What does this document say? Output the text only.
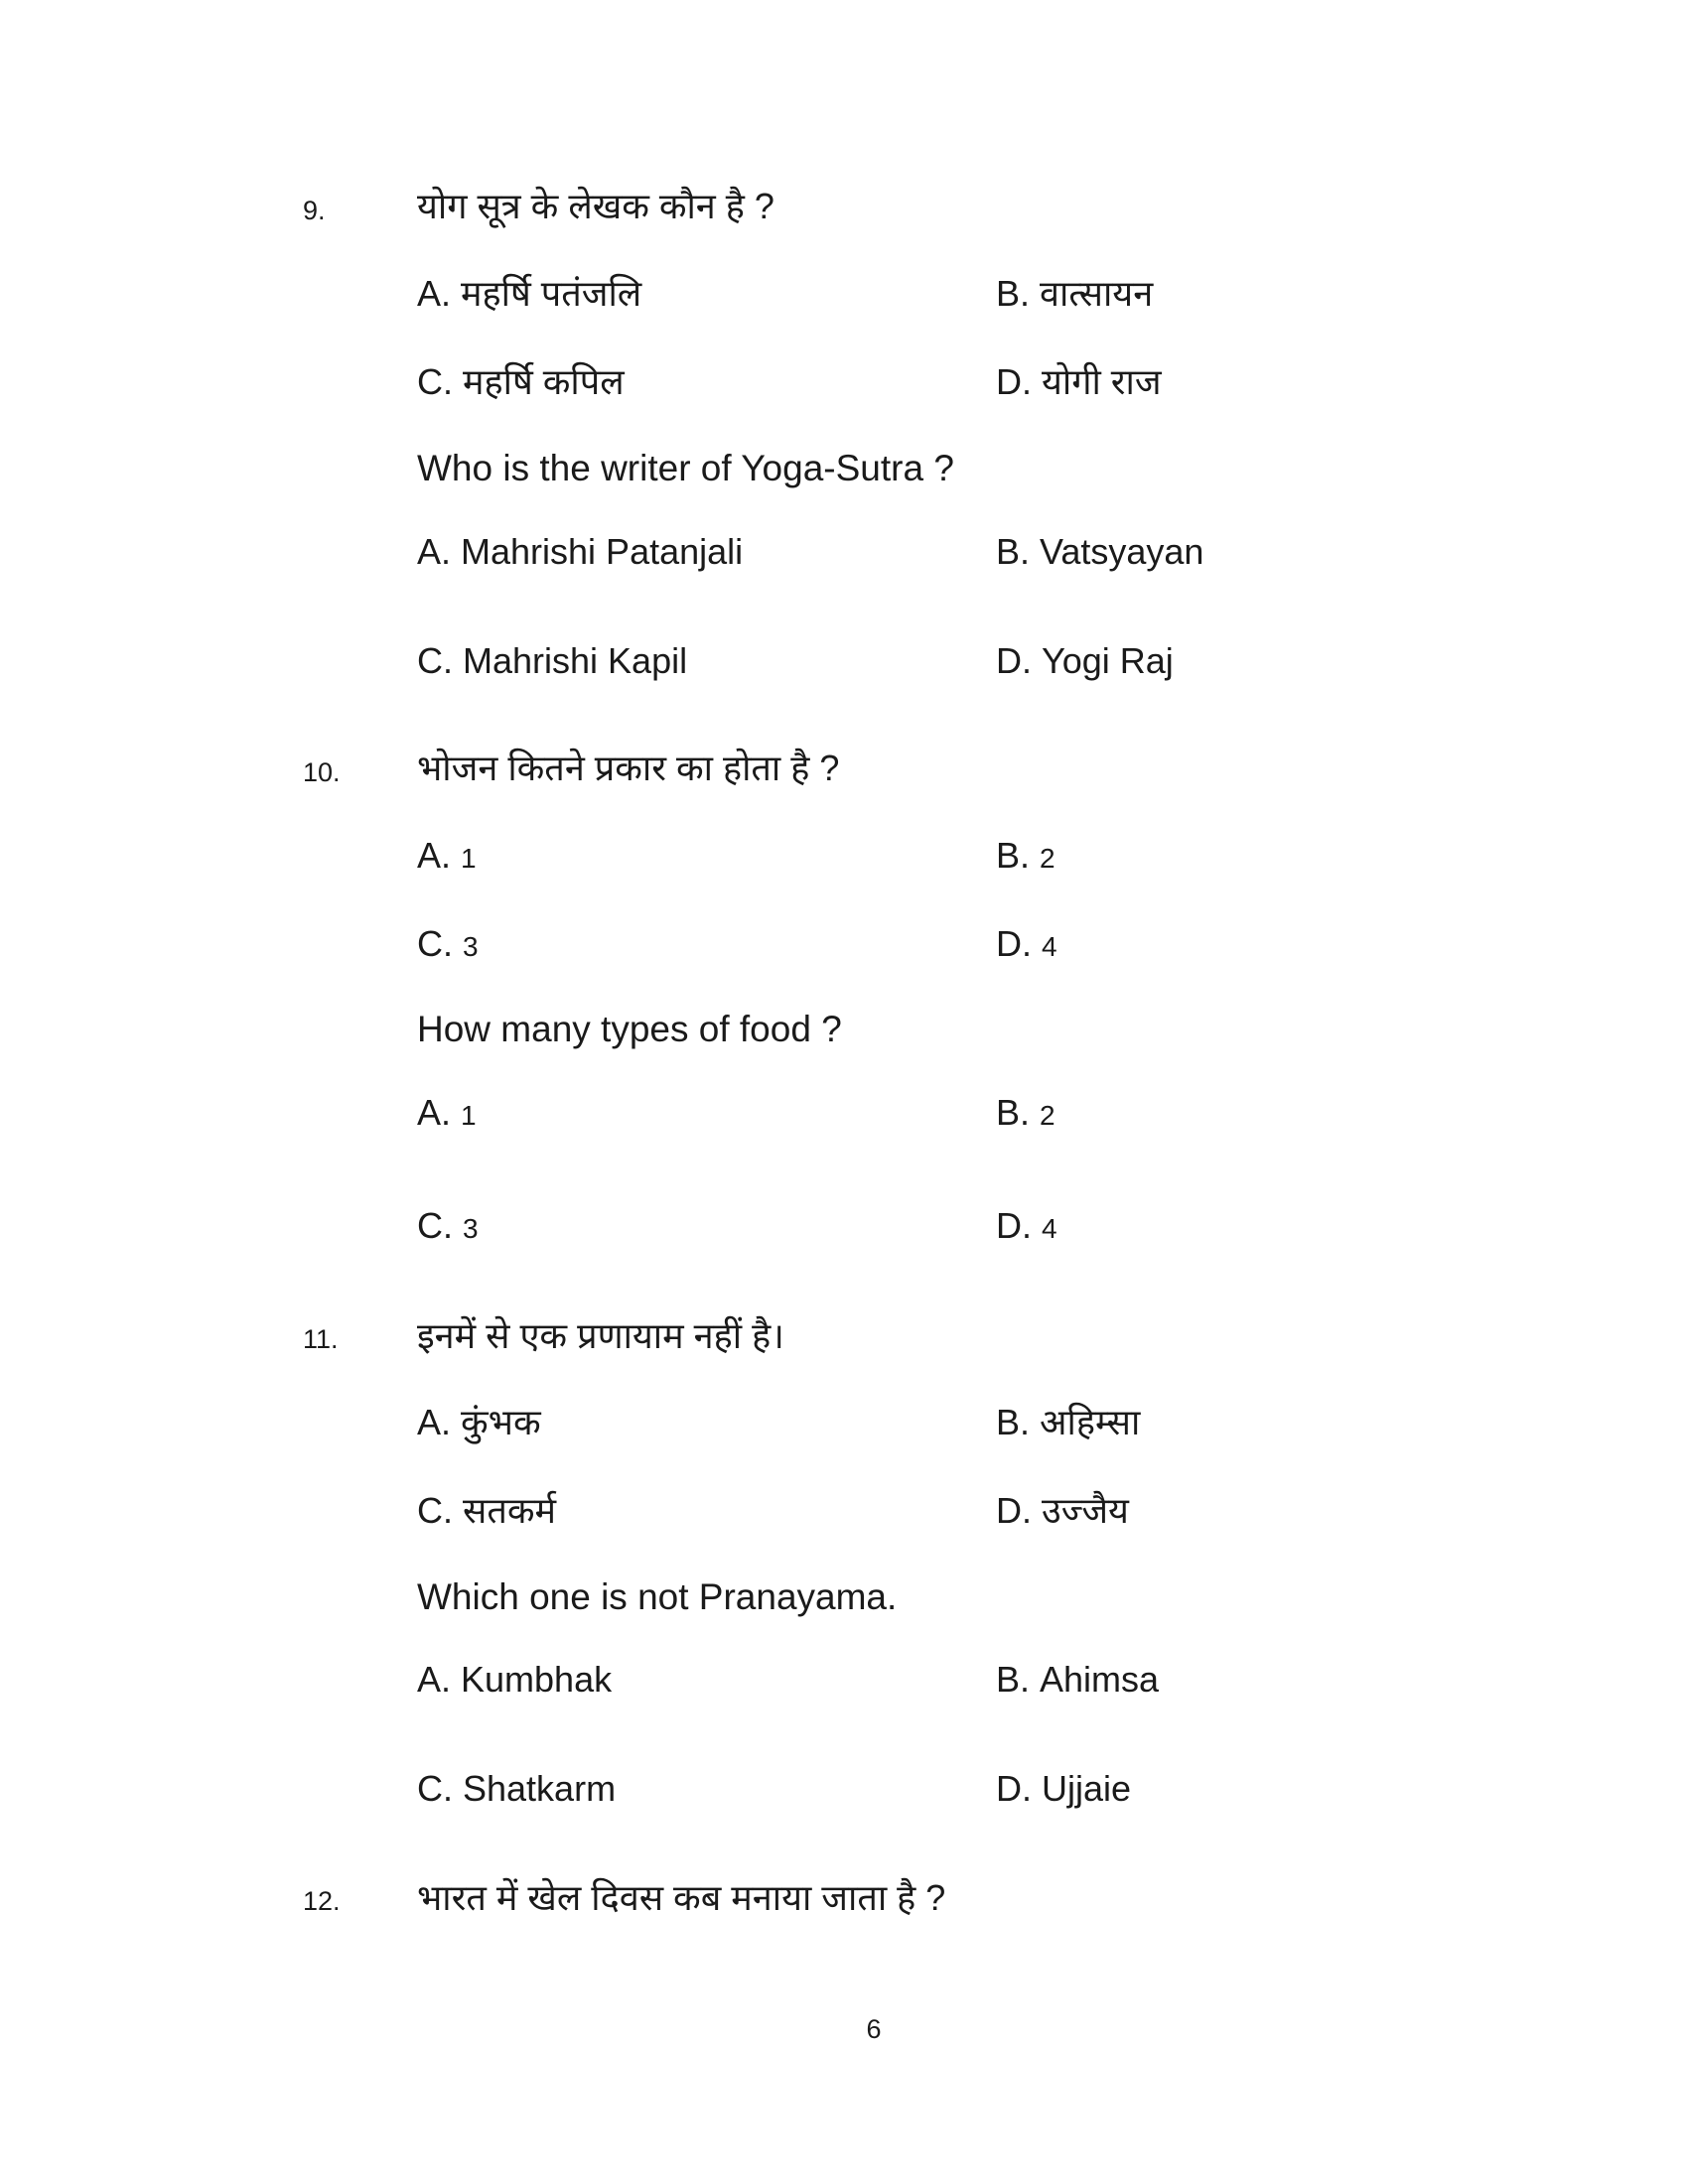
9.	योग सूत्र के लेखक कौन है ?
A. महर्षि पतंजलि	B. वात्सायन
C. महर्षि कपिल	D. योगी राज
Who is the writer of Yoga-Sutra ?
A. Mahrishi Patanjali	B. Vatsyayan
C. Mahrishi Kapil	D. Yogi Raj
10. भोजन कितने प्रकार का होता है ?
A. 1	B. 2
C. 3	D. 4
How many types of food ?
A. 1	B. 2
C. 3	D. 4
11. इनमें से एक प्रणायाम नहीं है।
A. कुंभक	B. अहिम्सा
C. सतकर्म	D. उज्जैय
Which one is not Pranayama.
A. Kumbhak	B. Ahimsa
C. Shatkarm	D. Ujjaie
12. भारत में खेल दिवस कब मनाया जाता है ?
6
